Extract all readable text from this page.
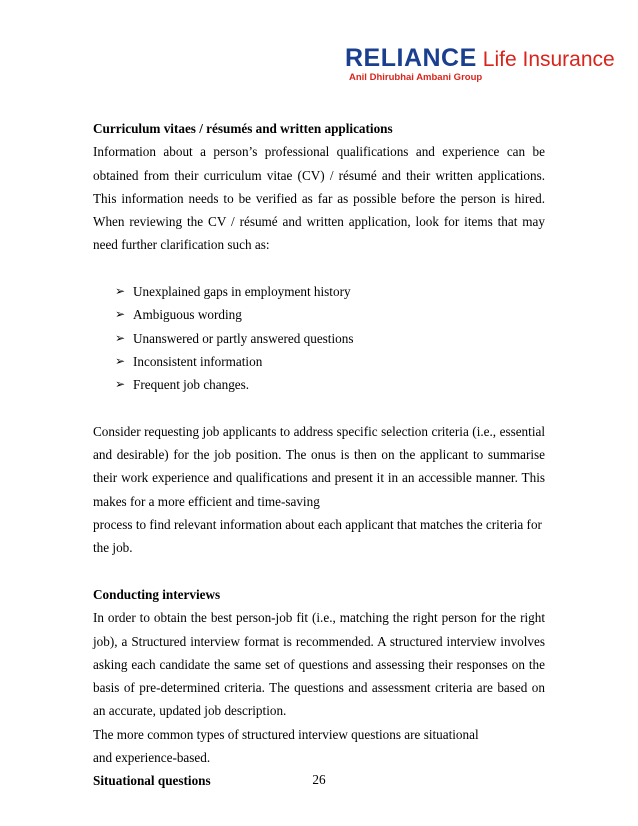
RELIANCE Life Insurance
Anil Dhirubhai Ambani Group

Curriculum vitaes / résumés and written applications

Information about a person’s professional qualifications and experience can be obtained from their curriculum vitae (CV) / résumé and their written applications. This information needs to be verified as far as possible before the person is hired. When reviewing the CV / résumé and written application, look for items that may need further clarification such as:

➢ Unexplained gaps in employment history
➢ Ambiguous wording
➢ Unanswered or partly answered questions
➢ Inconsistent information
➢ Frequent job changes.

Consider requesting job applicants to address specific selection criteria (i.e., essential and desirable) for the job position. The onus is then on the applicant to summarise their work experience and qualifications and present it in an accessible manner. This makes for a more efficient and time-saving

process to find relevant information about each applicant that matches the criteria for the job.

Conducting interviews

In order to obtain the best person-job fit (i.e., matching the right person for the right job), a Structured interview format is recommended. A structured interview involves asking each candidate the same set of questions and assessing their responses on the basis of pre-determined criteria. The questions and assessment criteria are based on an accurate, updated job description.

The more common types of structured interview questions are situational

and experience-based.

Situational questions	26
